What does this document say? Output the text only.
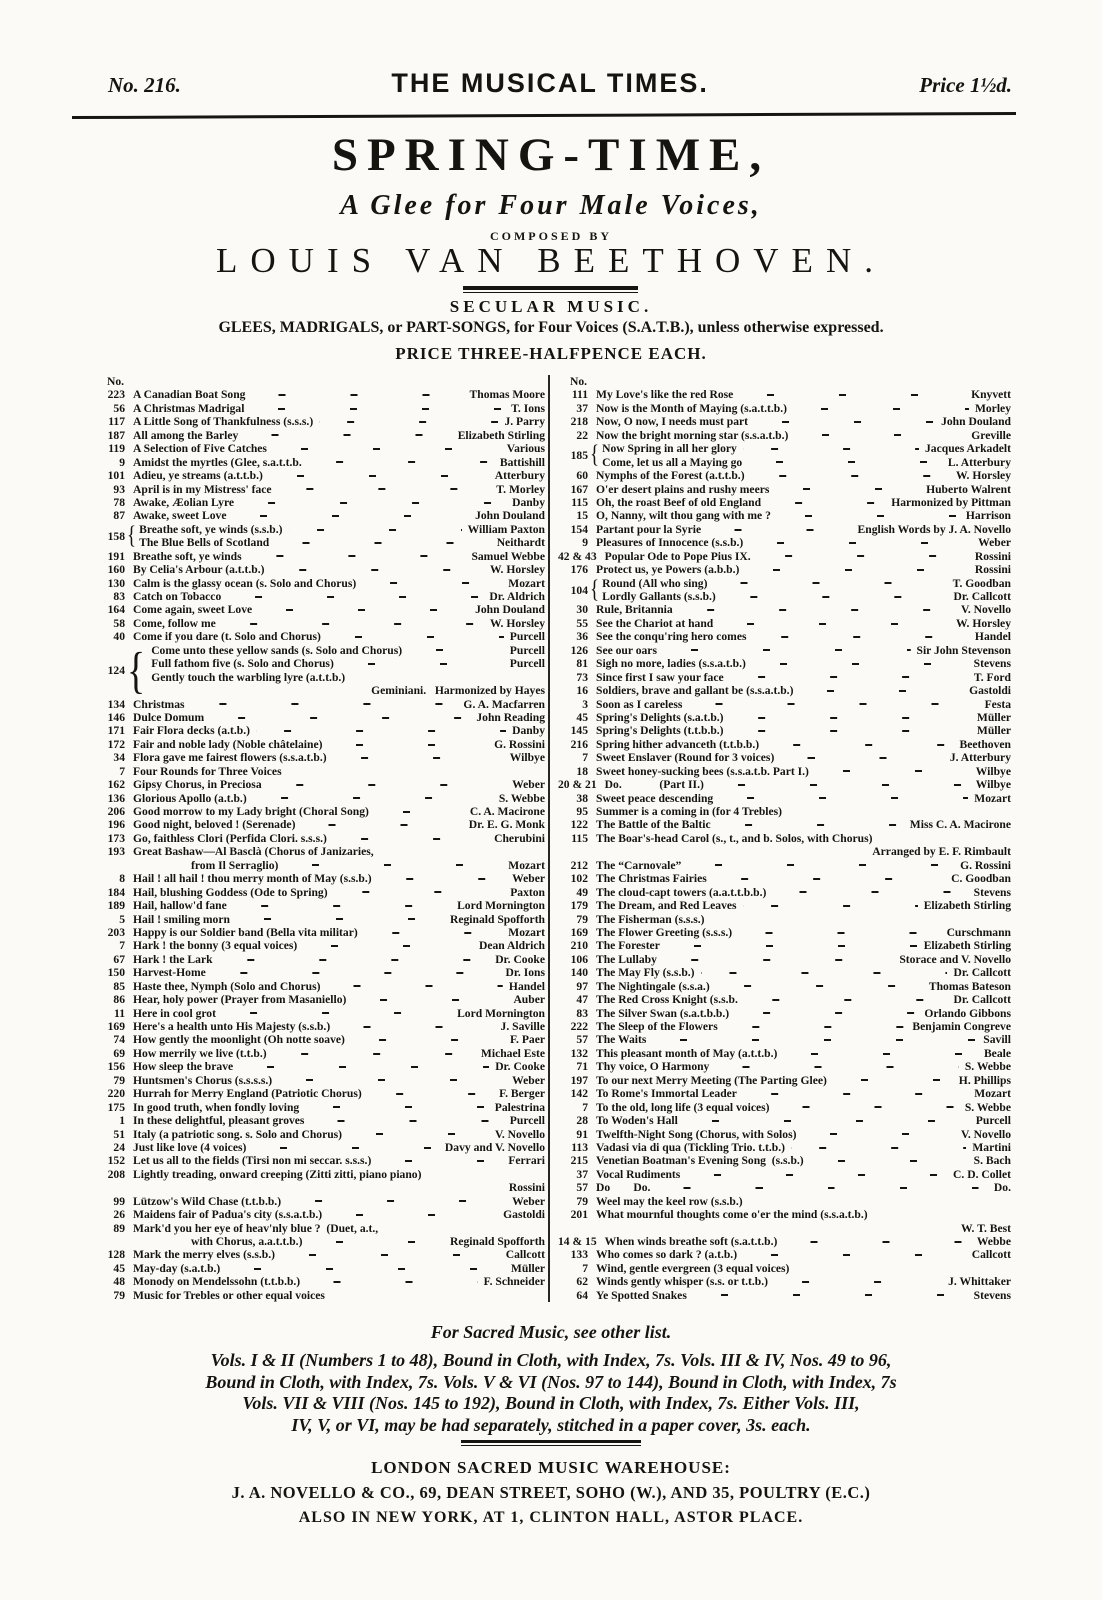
No. 216.	THE MUSICAL TIMES.	Price 1½d.
SPRING-TIME,
A Glee for Four Male Voices,
COMPOSED BY
LOUIS VAN BEETHOVEN.
SECULAR MUSIC.
GLEES, MADRIGALS, or PART-SONGS, for Four Voices (S.A.T.B.), unless otherwise expressed.
PRICE THREE-HALFPENCE EACH.
No.
223 A Canadian Boat Song	Thomas Moore
56 A Christmas Madrigal	T. Ions
117 A Little Song of Thankfulness (s.s.s.)	J. Parry
187 All among the Barley	Elizabeth Stirling
119 A Selection of Five Catches	Various
9 Amidst the myrtles (Glee, s.a.t.t.b.	Battishill
101 Adieu, ye streams (a.t.t.b.)	Atterbury
93 April is in my Mistress' face	T. Morley
78 Awake, Æolian Lyre	Danby
87 Awake, sweet Love	John Douland
158 { Breathe soft, ye winds (s.s.b.)	William Paxton
The Blue Bells of Scotland	Neithardt
191 Breathe soft, ye winds	Samuel Webbe
160 By Celia's Arbour (a.t.t.b.)	W. Horsley
130 Calm is the glassy ocean (s. Solo and Chorus)	Mozart
83 Catch on Tobacco	Dr. Aldrich
164 Come again, sweet Love	John Douland
58 Come, follow me	W. Horsley
40 Come if you dare (t. Solo and Chorus)	Purcell
124 { Come unto these yellow sands (s. Solo and Chorus)	Purcell
Full fathom five (s. Solo and Chorus)	Purcell
Gently touch the warbling lyre (a.t.t.b.)
Geminiani.   Harmonized by Hayes
134 Christmas	G. A. Macfarren
146 Dulce Domum	John Reading
171 Fair Flora decks (a.t.b.)	Danby
172 Fair and noble lady (Noble châtelaine)	G. Rossini
34 Flora gave me fairest flowers (s.s.a.t.b.)	Wilbye
7 Four Rounds for Three Voices
162 Gipsy Chorus, in Preciosa	Weber
136 Glorious Apollo (a.t.b.)	S. Webbe
206 Good morrow to my Lady bright (Choral Song)	C. A. Macirone
196 Good night, beloved ! (Serenade)	Dr. E. G. Monk
173 Go, faithless Clori (Perfida Clori. s.s.s.)	Cherubini
193 Great Bashaw—Al Basclà (Chorus of Janizaries,
from Il Serraglio)	Mozart
8 Hail ! all hail ! thou merry month of May (s.s.b.)	Weber
184 Hail, blushing Goddess (Ode to Spring)	Paxton
189 Hail, hallow'd fane	Lord Mornington
5 Hail ! smiling morn	Reginald Spofforth
203 Happy is our Soldier band (Bella vita militar)	Mozart
7 Hark ! the bonny (3 equal voices)	Dean Aldrich
67 Hark ! the Lark	Dr. Cooke
150 Harvest-Home	Dr. Ions
85 Haste thee, Nymph (Solo and Chorus)	Handel
86 Hear, holy power (Prayer from Masaniello)	Auber
11 Here in cool grot	Lord Mornington
169 Here's a health unto His Majesty (s.s.b.)	J. Saville
74 How gently the moonlight (Oh notte soave)	F. Paer
69 How merrily we live (t.t.b.)	Michael Este
156 How sleep the brave	Dr. Cooke
79 Huntsmen's Chorus (s.s.s.s.)	Weber
220 Hurrah for Merry England (Patriotic Chorus)	F. Berger
175 In good truth, when fondly loving	Palestrina
1 In these delightful, pleasant groves	Purcell
51 Italy (a patriotic song. s. Solo and Chorus)	V. Novello
24 Just like love (4 voices)	Davy and V. Novello
152 Let us all to the fields (Tirsi non mi seccar. s.s.s.)	Ferrari
208 Lightly treading, onward creeping (Zitti zitti, piano piano)
Rossini
99 Lützow's Wild Chase (t.t.b.b.)	Weber
26 Maidens fair of Padua's city (s.s.a.t.b.)	Gastoldi
89 Mark'd you her eye of heav'nly blue ?  (Duet, a.t.,
with Chorus, a.a.t.t.b.)	Reginald Spofforth
128 Mark the merry elves (s.s.b.)	Callcott
45 May-day (s.a.t.b.)	Müller
48 Monody on Mendelssohn (t.t.b.b.)	F. Schneider
79 Music for Trebles or other equal voices
No.
111 My Love's like the red Rose	Knyvett
37 Now is the Month of Maying (s.a.t.t.b.)	Morley
218 Now, O now, I needs must part	John Douland
22 Now the bright morning star (s.s.a.t.b.)	Greville
185 { Now Spring in all her glory	Jacques Arkadelt
Come, let us all a Maying go	L. Atterbury
60 Nymphs of the Forest (a.t.t.b.)	W. Horsley
167 O'er desert plains and rushy meers	Huberto Walrent
115 Oh, the roast Beef of old England	Harmonized by Pittman
15 O, Nanny, wilt thou gang with me ?	Harrison
154 Partant pour la Syrie	English Words by J. A. Novello
9 Pleasures of Innocence (s.s.b.)	Weber
42 & 43 Popular Ode to Pope Pius IX.	Rossini
176 Protect us, ye Powers (a.b.b.)	Rossini
104 { Round (All who sing)	T. Goodban
Lordly Gallants (s.s.b.)	Dr. Callcott
30 Rule, Britannia	V. Novello
55 See the Chariot at hand	W. Horsley
36 See the conqu'ring hero comes	Handel
126 See our oars	Sir John Stevenson
81 Sigh no more, ladies (s.s.a.t.b.)	Stevens
73 Since first I saw your face	T. Ford
16 Soldiers, brave and gallant be (s.s.a.t.b.)	Gastoldi
3 Soon as I careless	Festa
45 Spring's Delights (s.a.t.b.)	Müller
145 Spring's Delights (t.t.b.b.)	Müller
216 Spring hither advanceth (t.t.b.b.)	Beethoven
7 Sweet Enslaver (Round for 3 voices)	J. Atterbury
18 Sweet honey-sucking bees (s.s.a.t.b. Part I.)	Wilbye
20 & 21 Do.             (Part II.)	Wilbye
38 Sweet peace descending	Mozart
95 Summer is a coming in (for 4 Trebles)
122 The Battle of the Baltic	Miss C. A. Macirone
115 The Boar's-head Carol (s., t., and b. Solos, with Chorus)
Arranged by E. F. Rimbault
212 The “Carnovale”	G. Rossini
102 The Christmas Fairies	C. Goodban
49 The cloud-capt towers (a.a.t.t.b.b.)	Stevens
179 The Dream, and Red Leaves	Elizabeth Stirling
79 The Fisherman (s.s.s.)
169 The Flower Greeting (s.s.s.)	Curschmann
210 The Forester	Elizabeth Stirling
106 The Lullaby	Storace and V. Novello
140 The May Fly (s.s.b.)	Dr. Callcott
97 The Nightingale (s.s.a.)	Thomas Bateson
47 The Red Cross Knight (s.s.b.	Dr. Callcott
83 The Silver Swan (s.a.t.b.b.)	Orlando Gibbons
222 The Sleep of the Flowers	Benjamin Congreve
57 The Waits	Savill
132 This pleasant month of May (a.t.t.b.)	Beale
71 Thy voice, O Harmony	S. Webbe
197 To our next Merry Meeting (The Parting Glee)	H. Phillips
142 To Rome's Immortal Leader	Mozart
7 To the old, long life (3 equal voices)	S. Webbe
28 To Woden's Hall	Purcell
91 Twelfth-Night Song (Chorus, with Solos)	V. Novello
113 Vadasi via di qua (Tickling Trio. t.t.b.)	Martini
215 Venetian Boatman's Evening Song  (s.s.b.)	S. Bach
37 Vocal Rudiments	C. D. Collet
57 Do        Do.	Do.
79 Weel may the keel row (s.s.b.)
201 What mournful thoughts come o'er the mind (s.s.a.t.b.)
W. T. Best
14 & 15 When winds breathe soft (s.a.t.t.b.)	Webbe
133 Who comes so dark ? (a.t.b.)	Callcott
7 Wind, gentle evergreen (3 equal voices)
62 Winds gently whisper (s.s. or t.t.b.)	J. Whittaker
64 Ye Spotted Snakes	Stevens
For Sacred Music, see other list.
Vols. I & II (Numbers 1 to 48), Bound in Cloth, with Index, 7s. Vols. III & IV, Nos. 49 to 96,
Bound in Cloth, with Index, 7s. Vols. V & VI (Nos. 97 to 144), Bound in Cloth, with Index, 7s
Vols. VII & VIII (Nos. 145 to 192), Bound in Cloth, with Index, 7s. Either Vols. III,
IV, V, or VI, may be had separately, stitched in a paper cover, 3s. each.
LONDON SACRED MUSIC WAREHOUSE:
J. A. NOVELLO & CO., 69, DEAN STREET, SOHO (W.), AND 35, POULTRY (E.C.)
ALSO IN NEW YORK, AT 1, CLINTON HALL, ASTOR PLACE.
